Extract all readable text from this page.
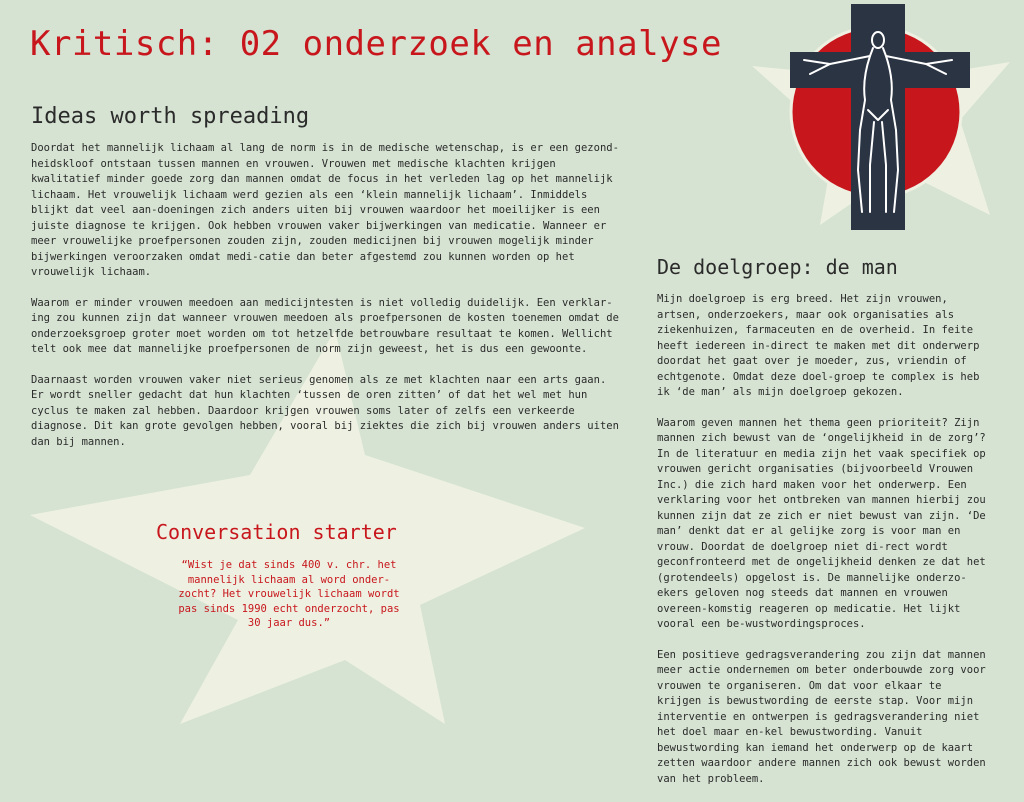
Kritisch: 02 onderzoek en analyse
Ideas worth spreading

Doordat het mannelijk lichaam al lang de norm is in de medische wetenschap, is er een gezond-heidskloof ontstaan tussen mannen en vrouwen. Vrouwen met medische klachten krijgen kwalitatief minder goede zorg dan mannen omdat de focus in het verleden lag op het mannelijk lichaam. Het vrouwelijk lichaam werd gezien als een ‘klein mannelijk lichaam’. Inmiddels blijkt dat veel aan-doeningen zich anders uiten bij vrouwen waardoor het moeilijker is een juiste diagnose te krijgen. Ook hebben vrouwen vaker bijwerkingen van medicatie. Wanneer er meer vrouwelijke proefpersonen zouden zijn, zouden medicijnen bij vrouwen mogelijk minder bijwerkingen veroorzaken omdat medi-catie dan beter afgestemd zou kunnen worden op het vrouwelijk lichaam.

Waarom er minder vrouwen meedoen aan medicijntesten is niet volledig duidelijk. Een verklar-ing zou kunnen zijn dat wanneer vrouwen meedoen als proefpersonen de kosten toenemen omdat de onderzoeksgroep groter moet worden om tot hetzelfde betrouwbare resultaat te komen. Wellicht telt ook mee dat mannelijke proefpersonen de norm zijn geweest, het is dus een gewoonte.

Daarnaast worden vrouwen vaker niet serieus genomen als ze met klachten naar een arts gaan. Er wordt sneller gedacht dat hun klachten ‘tussen de oren zitten’ of dat het wel met hun cyclus te maken zal hebben. Daardoor krijgen vrouwen soms later of zelfs een verkeerde diagnose. Dit kan grote gevolgen hebben, vooral bij ziektes die zich bij vrouwen anders uiten dan bij mannen.

Conversation starter

“Wist je dat sinds 400 v. chr. het mannelijk lichaam al word onder-zocht? Het vrouwelijk lichaam wordt pas sinds 1990 echt onderzocht, pas 30 jaar dus.”

De doelgroep: de man

Mijn doelgroep is erg breed. Het zijn vrouwen, artsen, onderzoekers, maar ook organisaties als ziekenhuizen, farmaceuten en de overheid. In feite heeft iedereen in-direct te maken met dit onderwerp doordat het gaat over je moeder, zus, vriendin of echtgenote. Omdat deze doel-groep te complex is heb ik ‘de man’ als mijn doelgroep gekozen.

Waarom geven mannen het thema geen prioriteit? Zijn mannen zich bewust van de ‘ongelijkheid in de zorg’? In de literatuur en media zijn het vaak specifiek op vrouwen gericht organisaties (bijvoorbeeld Vrouwen Inc.) die zich hard maken voor het onderwerp. Een verklaring voor het ontbreken van mannen hierbij zou kunnen zijn dat ze zich er niet bewust van zijn. ‘De man’ denkt dat er al gelijke zorg is voor man en vrouw. Doordat de doelgroep niet di-rect wordt geconfronteerd met de ongelijkheid denken ze dat het (grotendeels) opgelost is. De mannelijke onderzo-ekers geloven nog steeds dat mannen en vrouwen overeen-komstig reageren op medicatie. Het lijkt vooral een be-wustwordingsproces.

Een positieve gedragsverandering zou zijn dat mannen meer actie ondernemen om beter onderbouwde zorg voor vrouwen te organiseren. Om dat voor elkaar te krijgen is bewustwording de eerste stap. Voor mijn interventie en ontwerpen is gedragsverandering niet het doel maar en-kel bewustwording. Vanuit bewustwording kan iemand het onderwerp op de kaart zetten waardoor andere mannen zich ook bewust worden van het probleem.
